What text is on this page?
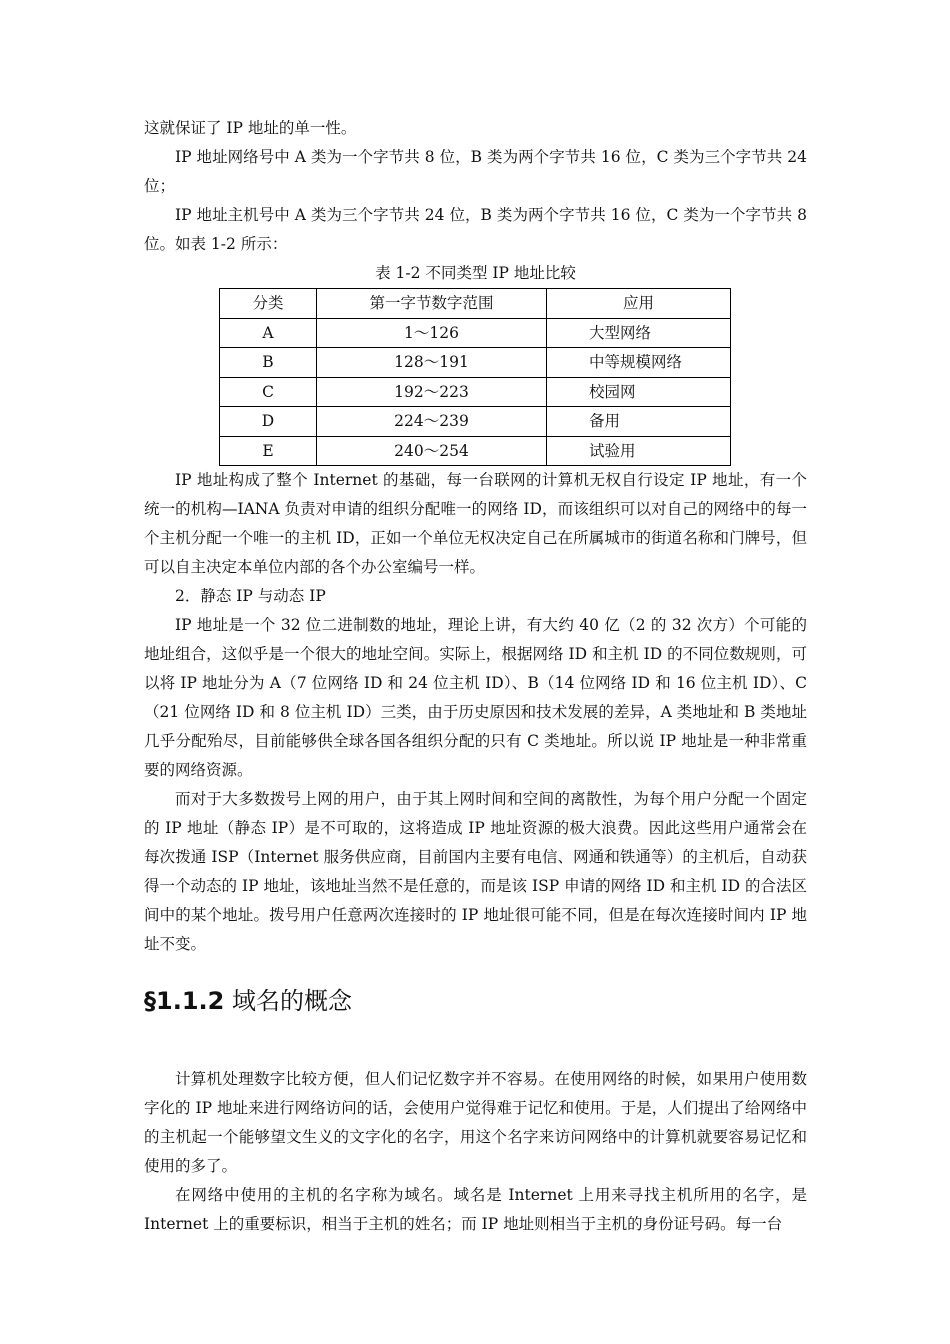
这就保证了 IP 地址的单一性。

IP 地址网络号中 A 类为一个字节共 8 位，B 类为两个字节共 16 位，C 类为三个字节共 24 位；

IP 地址主机号中 A 类为三个字节共 24 位，B 类为两个字节共 16 位，C 类为一个字节共 8 位。如表 1-2 所示：

表 1-2 不同类型 IP 地址比较
分类	第一字节数字范围	应用
A	1～126	大型网络
B	128～191	中等规模网络
C	192～223	校园网
D	224～239	备用
E	240～254	试验用

IP 地址构成了整个 Internet 的基础，每一台联网的计算机无权自行设定 IP 地址，有一个统一的机构—IANA 负责对申请的组织分配唯一的网络 ID，而该组织可以对自己的网络中的每一个主机分配一个唯一的主机 ID，正如一个单位无权决定自己在所属城市的街道名称和门牌号，但可以自主决定本单位内部的各个办公室编号一样。

2．静态 IP 与动态 IP

IP 地址是一个 32 位二进制数的地址，理论上讲，有大约 40 亿（2 的 32 次方）个可能的地址组合，这似乎是一个很大的地址空间。实际上，根据网络 ID 和主机 ID 的不同位数规则，可以将 IP 地址分为 A（7 位网络 ID 和 24 位主机 ID）、B（14 位网络 ID 和 16 位主机 ID）、C（21 位网络 ID 和 8 位主机 ID）三类，由于历史原因和技术发展的差异，A 类地址和 B 类地址几乎分配殆尽，目前能够供全球各国各组织分配的只有 C 类地址。所以说 IP 地址是一种非常重要的网络资源。

而对于大多数拨号上网的用户，由于其上网时间和空间的离散性，为每个用户分配一个固定的 IP 地址（静态 IP）是不可取的，这将造成 IP 地址资源的极大浪费。因此这些用户通常会在每次拨通 ISP（Internet 服务供应商，目前国内主要有电信、网通和铁通等）的主机后，自动获得一个动态的 IP 地址，该地址当然不是任意的，而是该 ISP 申请的网络 ID 和主机 ID 的合法区间中的某个地址。拨号用户任意两次连接时的 IP 地址很可能不同，但是在每次连接时间内 IP 地址不变。

§1.1.2 域名的概念

计算机处理数字比较方便，但人们记忆数字并不容易。在使用网络的时候，如果用户使用数字化的 IP 地址来进行网络访问的话，会使用户觉得难于记忆和使用。于是，人们提出了给网络中的主机起一个能够望文生义的文字化的名字，用这个名字来访问网络中的计算机就要容易记忆和使用的多了。

在网络中使用的主机的名字称为域名。域名是 Internet 上用来寻找主机所用的名字，是 Internet 上的重要标识，相当于主机的姓名；而 IP 地址则相当于主机的身份证号码。每一台
